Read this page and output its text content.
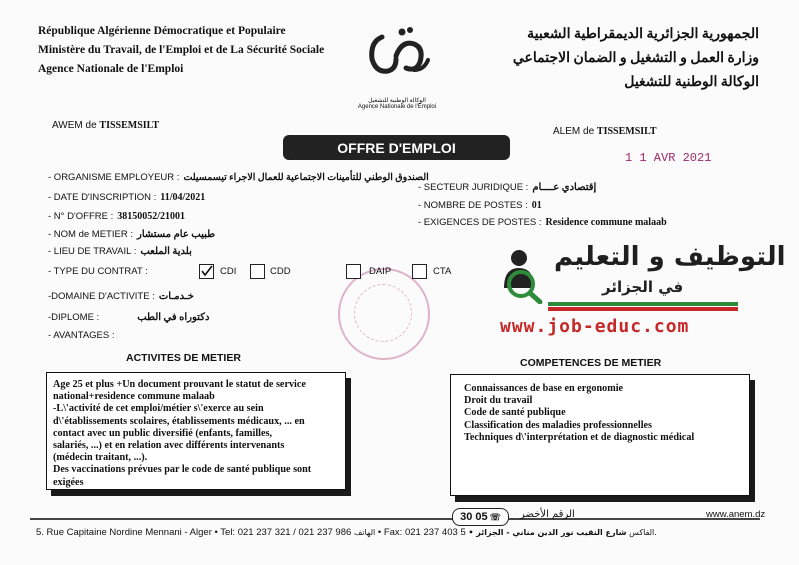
République Algérienne Démocratique et Populaire
Ministère du Travail, de l'Emploi et de La Sécurité Sociale
Agence Nationale de l'Emploi
الجمهورية الجزائرية الديمقراطية الشعبية
وزارة العمل و التشغيل و الضمان الاجتماعي
الوكالة الوطنية للتشغيل
الوكالة الوطنية للتشغيل
Agence Nationale de l'Emploi
AWEM de TISSEMSILT
ALEM de TISSEMSILT
OFFRE D'EMPLOI
1 1 AVR 2021
- ORGANISME EMPLOYEUR : الصندوق الوطني للتأمينات الاجتماعية للعمال الاجراء تيسمسيلت
- DATE D'INSCRIPTION : 11/04/2021
- N° D'OFFRE : 38150052/21001
- NOM de METIER : طبيب عام مستشار
- LIEU DE TRAVAIL : بلدية الملعب
- SECTEUR JURIDIQUE : إقتصادي عــــام
- NOMBRE DE POSTES : 01
- EXIGENCES DE POSTES : Residence commune malaab
- TYPE DU CONTRAT :	CDI	CDD	DAIP	CTA
-DOMAINE D'ACTIVITE : خـدمـات
-DIPLOME :	دكتوراه في الطب
- AVANTAGES :
التوظيف و التعليم
في الجزائر
www.job-educ.com
ACTIVITES DE METIER
Age 25 et plus +Un document prouvant le statut de service
national+residence commune malaab
-L\'activité de cet emploi/métier s\'exerce au sein
d\'établissements scolaires, établissements médicaux, ... en
contact avec un public diversifié (enfants, familles,
salariés, ...) et en relation avec différents intervenants
(médecin traitant, ...).
Des vaccinations prévues par le code de santé publique sont
exigées
COMPETENCES DE METIER
Connaissances de base en ergonomie
Droit du travail
Code de santé publique
Classification des maladies professionnelles
Techniques d\'interprétation et de diagnostic médical
30 05 ☏ الرقم الأخضر	www.anem.dz
5. Rue Capitaine Nordine Mennani - Alger • Tel: 021 237 321 / 021 237 986 الهاتف • Fax: 021 237 403	الفاكس شارع النقيب نور الدين مناني - الجزائر • 5.
